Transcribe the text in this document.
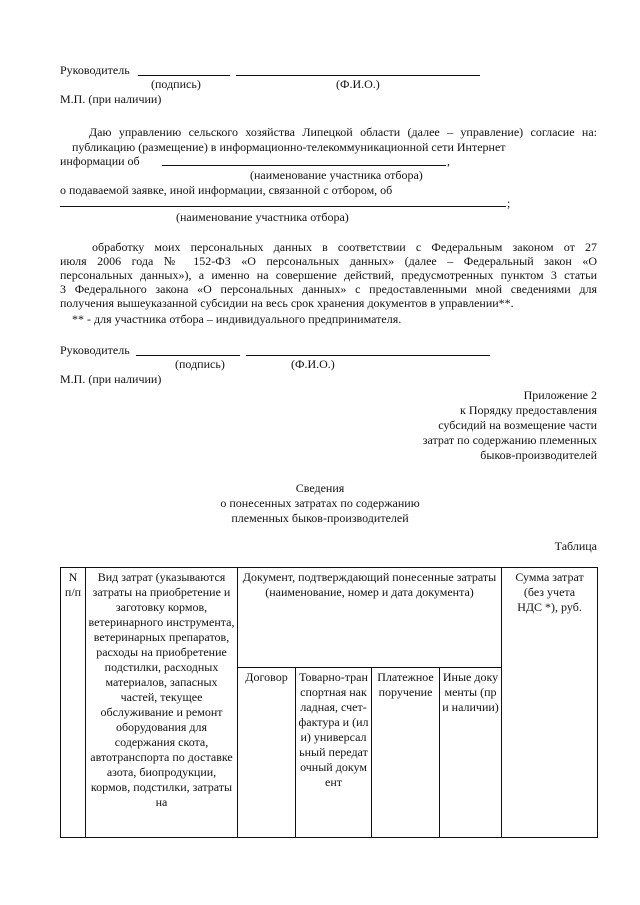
Руководитель
(подпись)	(Ф.И.О.)
М.П. (при наличии)
Даю управлению сельского хозяйства Липецкой области (далее – управление) согласие на:
публикацию (размещение) в информационно-телекоммуникационной сети Интернет
информации об	,
(наименование участника отбора)
о подаваемой заявке, иной информации, связанной с отбором, об
;
(наименование участника отбора)
обработку моих персональных данных в соответствии с Федеральным законом от 27
июля 2006 года № 152-ФЗ «О персональных данных» (далее – Федеральный закон «О
персональных данных»), а именно на совершение действий, предусмотренных пунктом 3 статьи
3 Федерального закона «О персональных данных» с предоставленными мной сведениями для
получения вышеуказанной субсидии на весь срок хранения документов в управлении**.
** - для участника отбора – индивидуального предпринимателя.
Руководитель
(подпись)	(Ф.И.О.)
М.П. (при наличии)
Приложение 2
к Порядку предоставления
субсидий на возмещение части
затрат по содержанию племенных
быков-производителей
Сведения
о понесенных затратах по содержанию
племенных быков-производителей
Таблица
N п/п	Вид затрат (указываются затраты на приобретение и заготовку кормов, ветеринарного инструмента, ветеринарных препаратов, расходы на приобретение подстилки, расходных материалов, запасных частей, текущее обслуживание и ремонт оборудования для содержания скота, автотранспорта по доставке азота, биопродукции, кормов, подстилки, затраты на	Документ, подтверждающий понесенные затраты (наименование, номер и дата документа)				Сумма затрат (без учета НДС *), руб.
		Договор	Товарно-транспортная накладная, счет-фактура и (или) универсальный передаточный документ	Платежное поручение	Иные документы (при наличии)	
